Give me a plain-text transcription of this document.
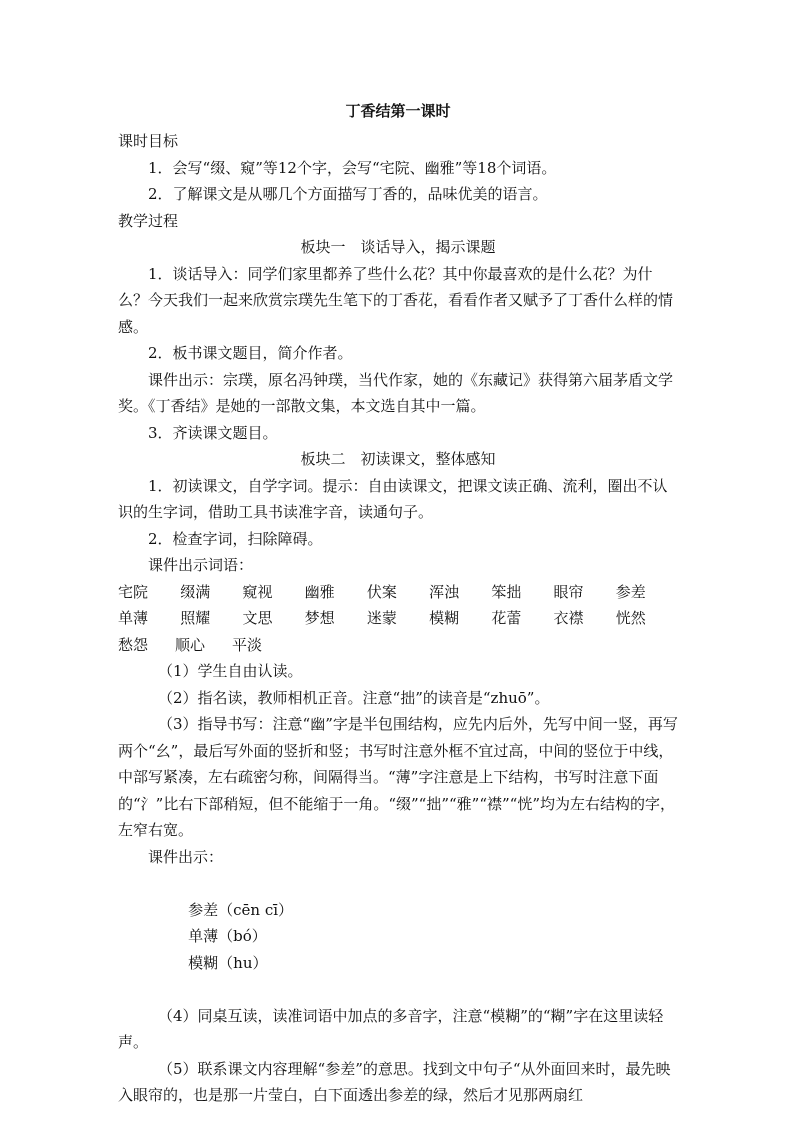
丁香结第一课时

课时目标

1．会写“缀、窥”等12个字，会写“宅院、幽雅”等18个词语。

2．了解课文是从哪几个方面描写丁香的，品味优美的语言。

教学过程

板块一　谈话导入，揭示课题

1．谈话导入：同学们家里都养了些什么花？其中你最喜欢的是什么花？为什么？今天我们一起来欣赏宗璞先生笔下的丁香花，看看作者又赋予了丁香什么样的情感。

2．板书课文题目，简介作者。

课件出示：宗璞，原名冯钟璞，当代作家，她的《东藏记》获得第六届茅盾文学奖。《丁香结》是她的一部散文集，本文选自其中一篇。

3．齐读课文题目。

板块二　初读课文，整体感知

1．初读课文，自学字词。提示：自由读课文，把课文读正确、流利，圈出不认识的生字词，借助工具书读准字音，读通句子。

2．检查字词，扫除障碍。

课件出示词语：

宅院	缀满	窥视	幽雅	伏案	浑浊	笨拙	眼帘	参差
单薄	照耀	文思	梦想	迷蒙	模糊	花蕾	衣襟	恍然
愁怨	顺心	平淡

（1）学生自由认读。

（2）指名读，教师相机正音。注意“拙”的读音是“zhuō”。

（3）指导书写：注意“幽”字是半包围结构，应先内后外，先写中间一竖，再写两个“幺”，最后写外面的竖折和竖；书写时注意外框不宜过高，中间的竖位于中线，中部写紧凑，左右疏密匀称，间隔得当。“薄”字注意是上下结构，书写时注意下面的“氵”比右下部稍短，但不能缩于一角。“缀”“拙”“雅”“襟”“恍”均为左右结构的字，左窄右宽。

课件出示：

参差（cēn cī）
单薄（bó）
模糊（hu）

（4）同桌互读，读准词语中加点的多音字，注意“模糊”的“糊”字在这里读轻声。

（5）联系课文内容理解“参差”的意思。找到文中句子“从外面回来时，最先映入眼帘的，也是那一片莹白，白下面透出参差的绿，然后才见那两扇红
